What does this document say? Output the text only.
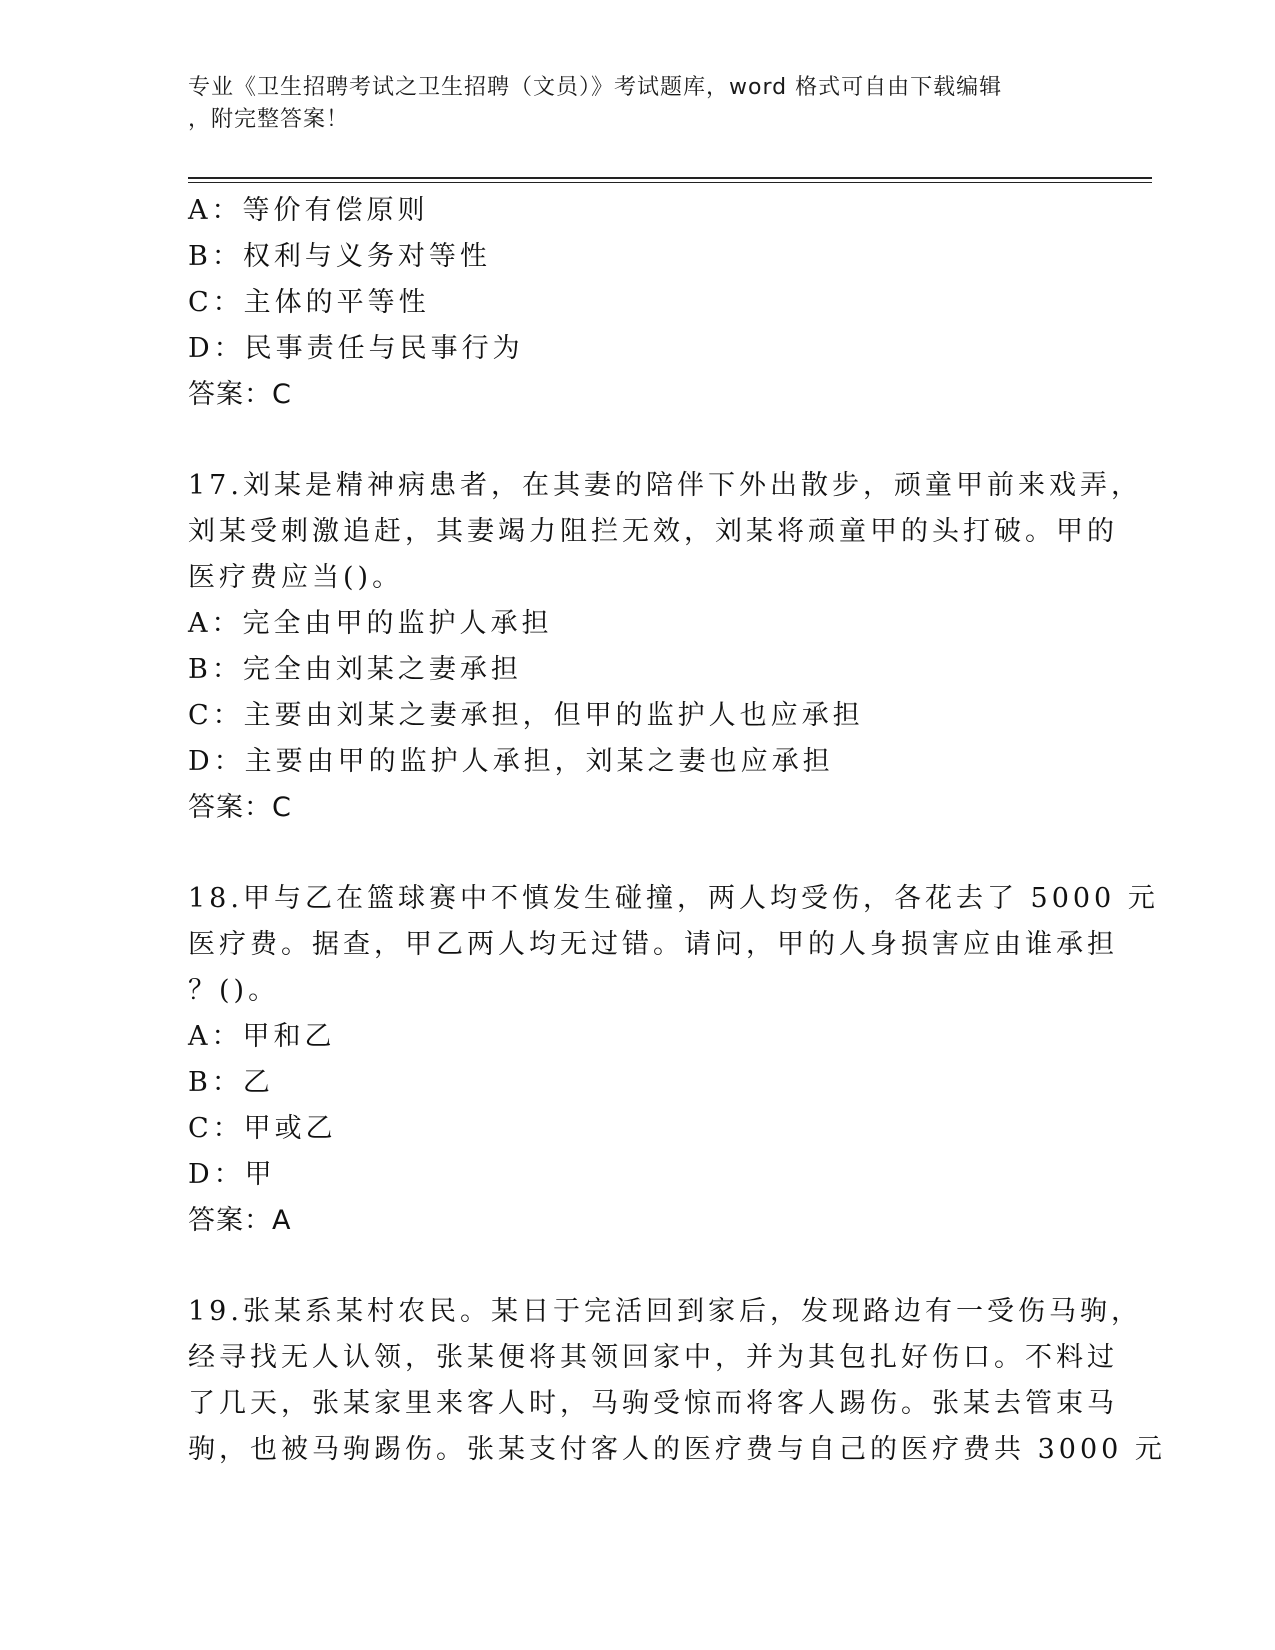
专业《卫生招聘考试之卫生招聘（文员）》考试题库，word 格式可自由下载编辑
，附完整答案！
A：等价有偿原则
B：权利与义务对等性
C：主体的平等性
D：民事责任与民事行为
答案：C
17.刘某是精神病患者，在其妻的陪伴下外出散步，顽童甲前来戏弄，
刘某受刺激追赶，其妻竭力阻拦无效，刘某将顽童甲的头打破。甲的
医疗费应当()。
A：完全由甲的监护人承担
B：完全由刘某之妻承担
C：主要由刘某之妻承担，但甲的监护人也应承担
D：主要由甲的监护人承担，刘某之妻也应承担
答案：C
18.甲与乙在篮球赛中不慎发生碰撞，两人均受伤，各花去了 5000 元
医疗费。据查，甲乙两人均无过错。请问，甲的人身损害应由谁承担
？()。
A：甲和乙
B：乙
C：甲或乙
D：甲
答案：A
19.张某系某村农民。某日于完活回到家后，发现路边有一受伤马驹，
经寻找无人认领，张某便将其领回家中，并为其包扎好伤口。不料过
了几天，张某家里来客人时，马驹受惊而将客人踢伤。张某去管束马
驹，也被马驹踢伤。张某支付客人的医疗费与自己的医疗费共 3000 元
